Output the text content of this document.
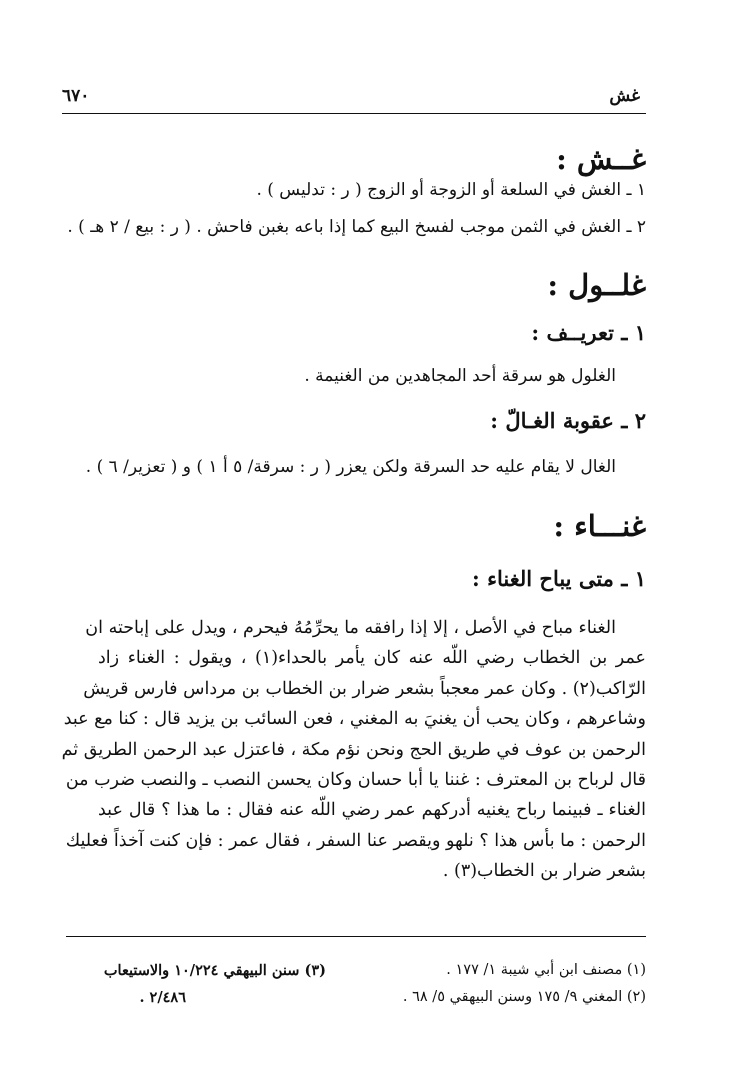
غش
٦٧٠
غــش :
١ ـ الغش في السلعة أو الزوجة أو الزوج ( ر : تدليس ) .
٢ ـ الغش في الثمن موجب لفسخ البيع كما إذا باعه بغبن فاحش . ( ر : بيع / ٢ هـ ) .
غلــول :
١ ـ تعريــف :
الغلول هو سرقة أحد المجاهدين من الغنيمة .
٢ ـ عقوبة الغـالّ :
الغال لا يقام عليه حد السرقة ولكن يعزر ( ر : سرقة/ ٥ أ ١ ) و ( تعزير/ ٦ ) .
غنـــاء :
١ ـ متى يباح الغناء :
الغناء مباح في الأصل ، إلا إذا رافقه ما يحرِّمُهُ فيحرم ، ويدل على إباحته ان
عمر بن الخطاب رضي اللّه عنه كان يأمر بالحداء(١) ، ويقول : الغناء زاد
الرّاكب(٢) . وكان عمر معجباً بشعر ضرار بن الخطاب بن مرداس فارس قريش
وشاعرهم ، وكان يحب أن يغنيَ به المغني ، فعن السائب بن يزيد قال : كنا مع عبد
الرحمن بن عوف في طريق الحج ونحن نؤم مكة ، فاعتزل عبد الرحمن الطريق ثم
قال لرباح بن المعترف : غننا يا أبا حسان وكان يحسن النصب ـ والنصب ضرب من
الغناء ـ فبينما رباح يغنيه أدركهم عمر رضي اللّه عنه فقال : ما هذا ؟ قال عبد
الرحمن : ما بأس هذا ؟ نلهو ويقصر عنا السفر ، فقال عمر : فإن كنت آخذاً فعليك
بشعر ضرار بن الخطاب(٣) .
(١) مصنف ابن أبي شيبة ١/ ١٧٧ .
(٢) المغني ٩/ ١٧٥ وسنن البيهقي ٥/ ٦٨ .
(٣) سنن البيهقي ١٠/٢٢٤ والاستيعاب
٢/٤٨٦ .
